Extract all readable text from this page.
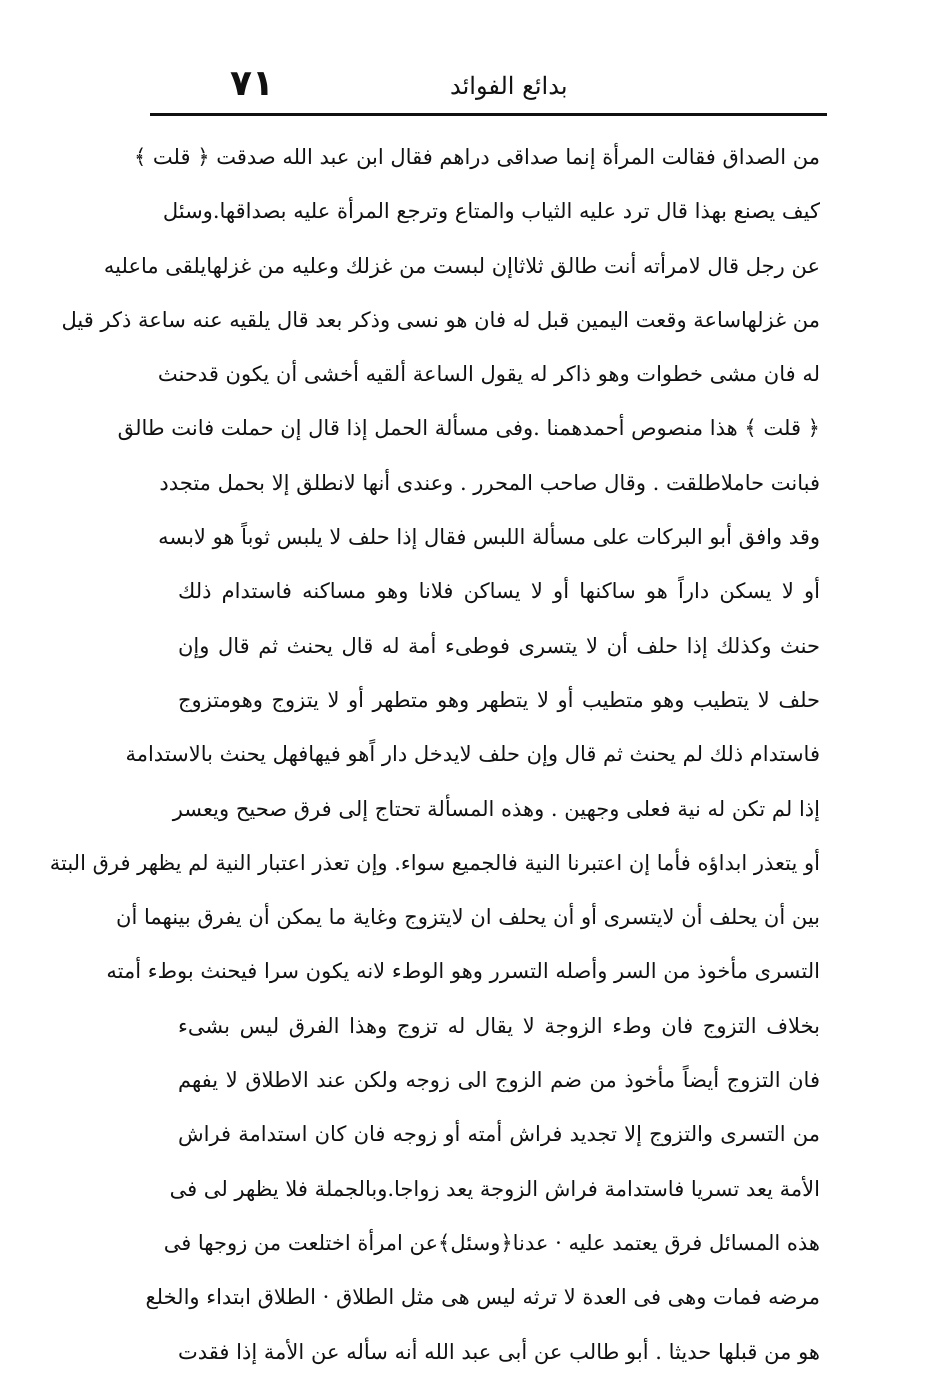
٧١	بدائع الفوائد
من الصداق فقالت المرأة إنما صداقى دراهم فقال ابن عبد الله صدقت ﴿ قلت ﴾
كيف يصنع بهذا قال ترد عليه الثياب والمتاع وترجع المرأة عليه بصداقها.وسئل
عن رجل قال لامرأته أنت طالق ثلاثاإن لبست من غزلك وعليه من غزلهايلقى ماعليه
من غزلهاساعة وقعت اليمين قبل له فان هو نسى وذكر بعد قال يلقيه عنه ساعة ذكر قيل
له فان مشى خطوات وهو ذاكر له يقول الساعة ألقيه أخشى أن يكون قدحنث
﴿ قلت ﴾ هذا منصوص أحمدهمنا .وفى مسألة الحمل إذا قال إن حملت فانت طالق
فبانت حاملاطلقت . وقال صاحب المحرر . وعندى أنها لانطلق إلا بحمل متجدد
وقد وافق أبو البركات على مسألة اللبس فقال إذا حلف لا يلبس ثوباً هو لابسه
أو لا يسكن داراً هو ساكنها أو لا يساكن فلانا وهو مساكنه فاستدام ذلك
حنث وكذلك إذا حلف أن لا يتسرى فوطىء أمة له قال يحنث ثم قال وإن
حلف لا يتطيب وهو متطيب أو لا يتطهر وهو متطهر أو لا يتزوج وهومتزوج
فاستدام ذلك لم يحنث ثم قال وإن حلف لايدخل دار اًهو فيهافهل يحنث بالاستدامة
إذا لم تكن له نية فعلى وجهين . وهذه المسألة تحتاج إلى فرق صحيح ويعسر
أو يتعذر ابداؤه فأما إن اعتبرنا النية فالجميع سواء. وإن تعذر اعتبار النية لم يظهر فرق البتة
بين أن يحلف أن لايتسرى أو أن يحلف ان لايتزوج وغاية ما يمكن أن يفرق بينهما أن
التسرى مأخوذ من السر وأصله التسرر وهو الوطء لانه يكون سرا فيحنث بوطء أمته
بخلاف التزوج فان وطء الزوجة لا يقال له تزوج وهذا الفرق ليس بشىء
فان التزوج أيضاً مأخوذ من ضم الزوج الى زوجه ولكن عند الاطلاق لا يفهم
من التسرى والتزوج إلا تجديد فراش أمته أو زوجه فان كان استدامة فراش
الأمة يعد تسريا فاستدامة فراش الزوجة يعد زواجا.وبالجملة فلا يظهر لى فى
هذه المسائل فرق يعتمد عليه · عدنا﴿وسئل﴾عن امرأة اختلعت من زوجها فى
مرضه فمات وهى فى العدة لا ترثه ليس هى مثل الطلاق · الطلاق ابتداء والخلع
هو من قبلها حديثا . أبو طالب عن أبى عبد الله أنه سأله عن الأمة إذا فقدت
